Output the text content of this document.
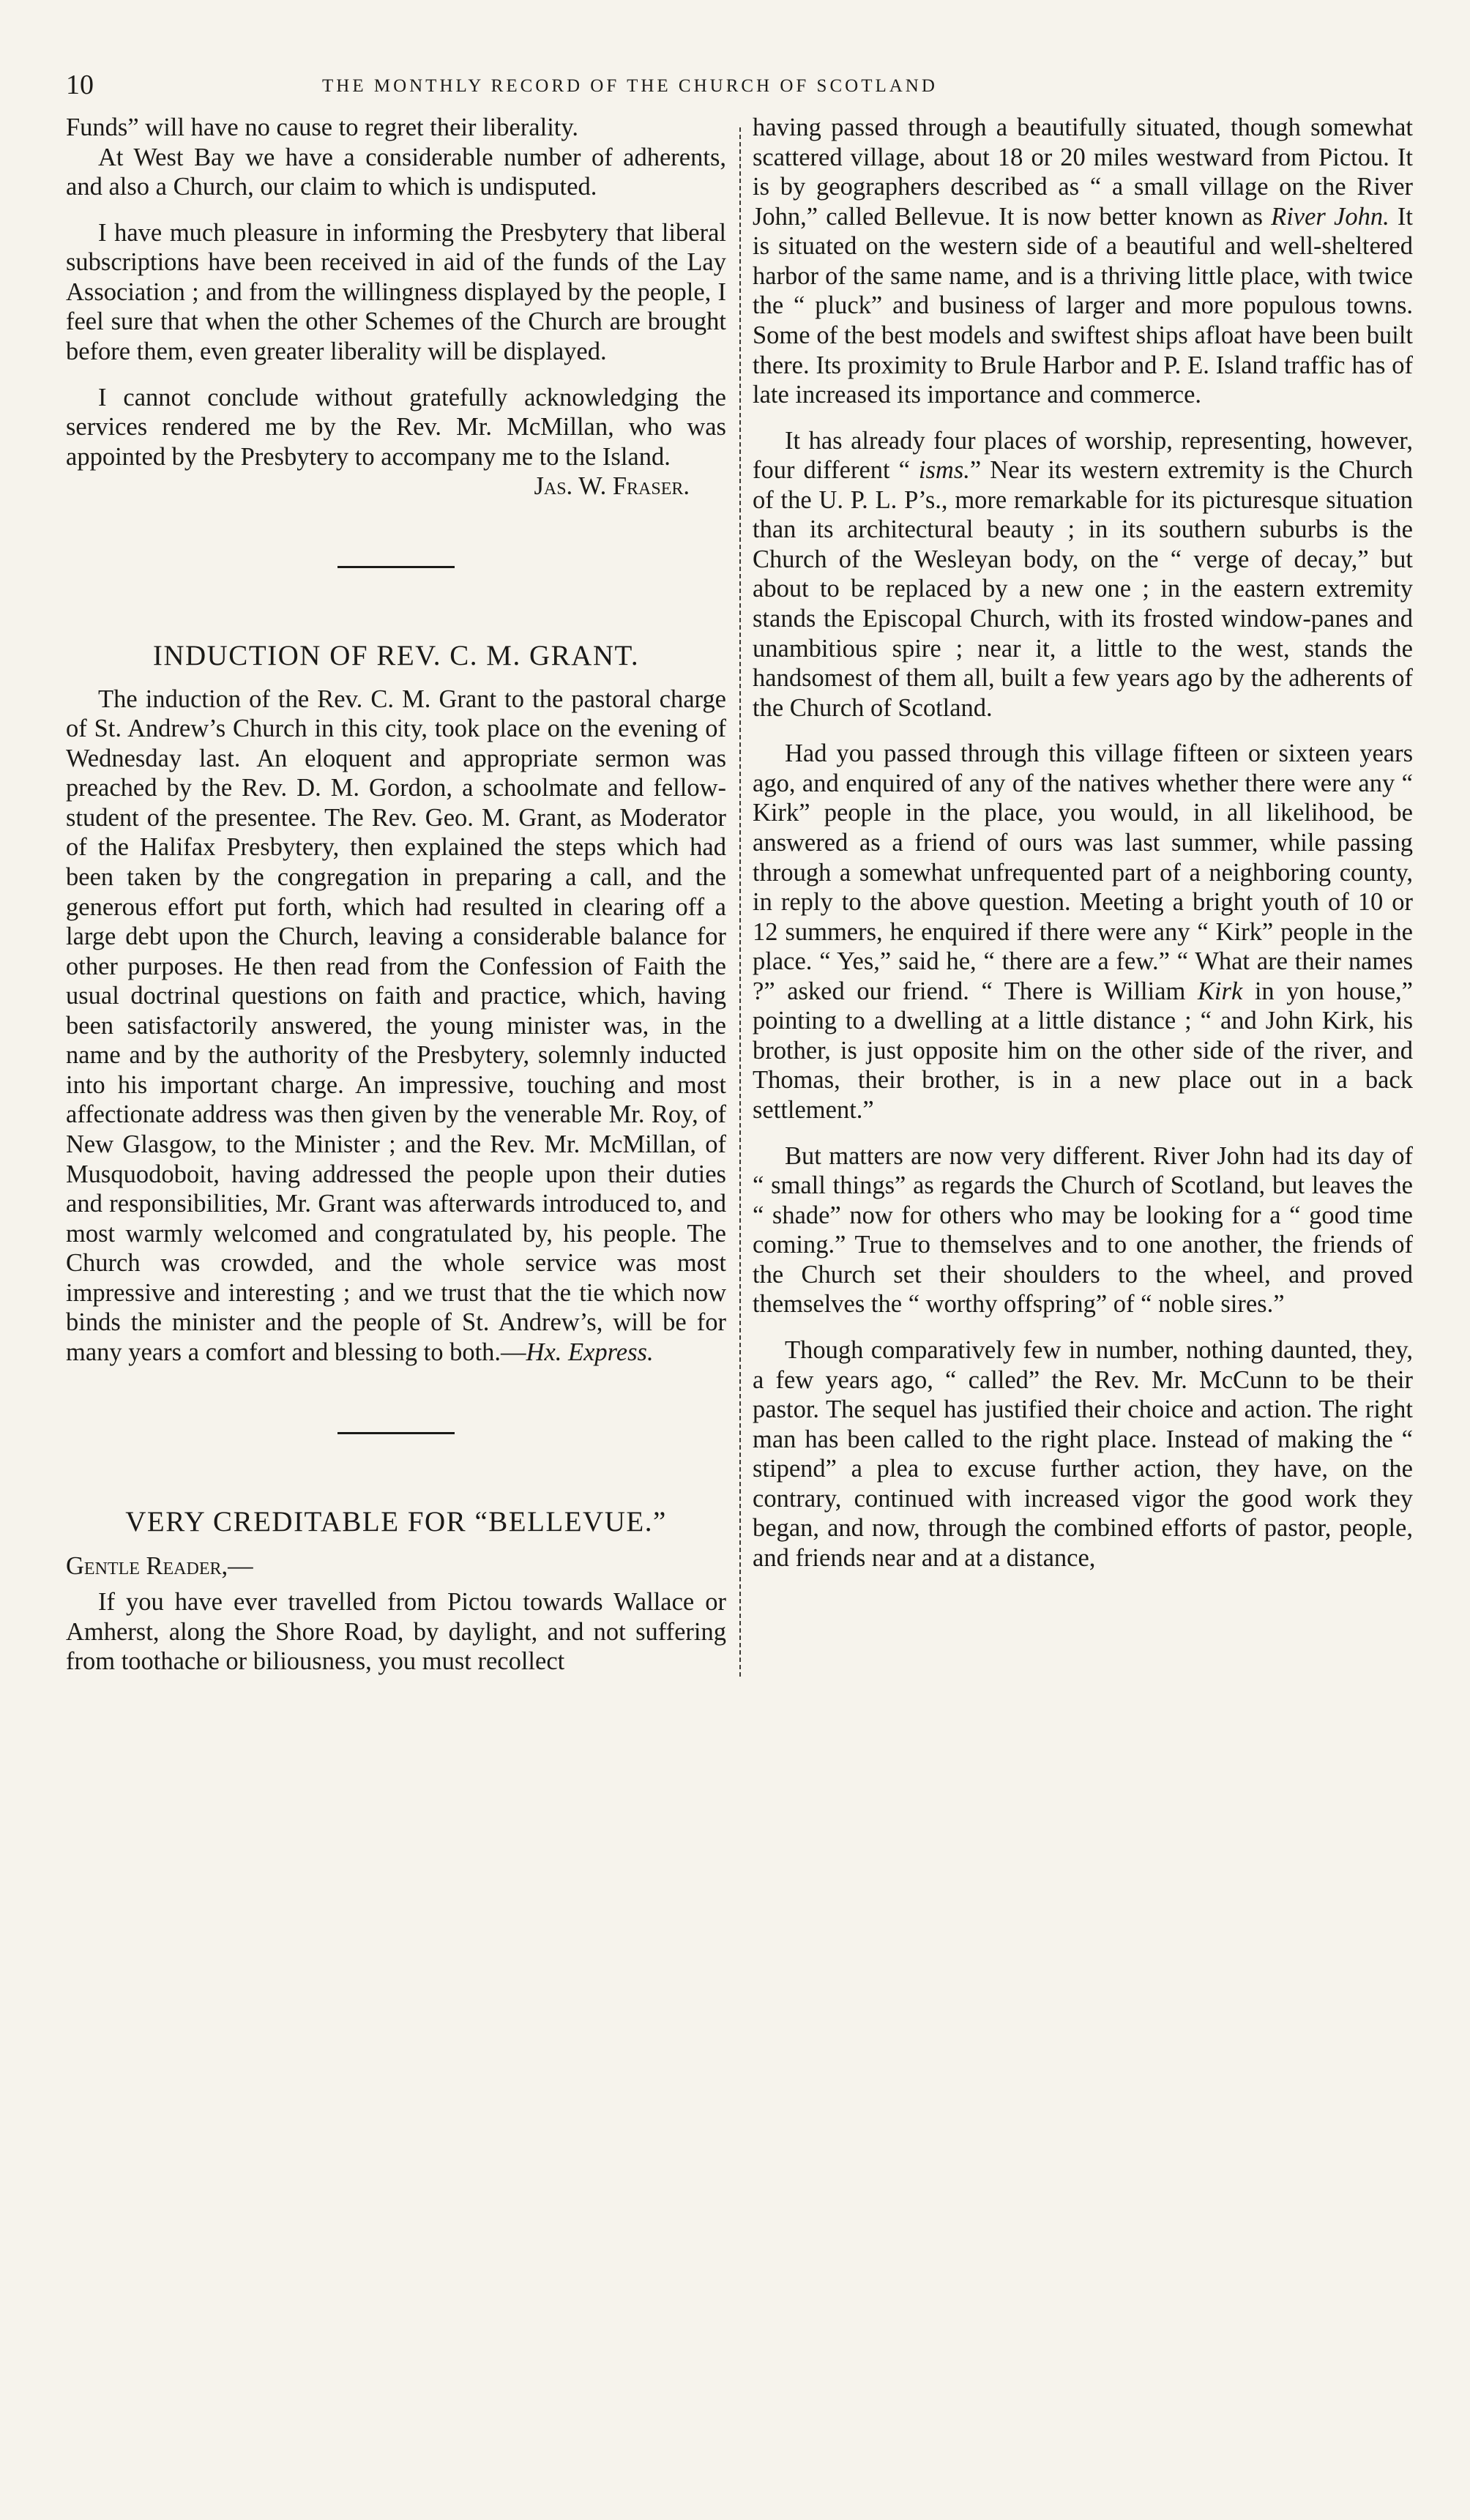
10	THE MONTHLY RECORD OF THE CHURCH OF SCOTLAND

Funds” will have no cause to regret their liberality.

At West Bay we have a considerable number of adherents, and also a Church, our claim to which is undisputed.

I have much pleasure in informing the Presbytery that liberal subscriptions have been received in aid of the funds of the Lay Association ; and from the willingness displayed by the people, I feel sure that when the other Schemes of the Church are brought before them, even greater liberality will be displayed.

I cannot conclude without gratefully acknowledging the services rendered me by the Rev. Mr. McMillan, who was appointed by the Presbytery to accompany me to the Island.

Jas. W. Fraser.

INDUCTION OF REV. C. M. GRANT.

The induction of the Rev. C. M. Grant to the pastoral charge of St. Andrew’s Church in this city, took place on the evening of Wednesday last. An eloquent and appropriate sermon was preached by the Rev. D. M. Gordon, a schoolmate and fellow-student of the presentee. The Rev. Geo. M. Grant, as Moderator of the Halifax Presbytery, then explained the steps which had been taken by the congregation in preparing a call, and the generous effort put forth, which had resulted in clearing off a large debt upon the Church, leaving a considerable balance for other purposes. He then read from the Confession of Faith the usual doctrinal questions on faith and practice, which, having been satisfactorily answered, the young minister was, in the name and by the authority of the Presbytery, solemnly inducted into his important charge. An impressive, touching and most affectionate address was then given by the venerable Mr. Roy, of New Glasgow, to the Minister ; and the Rev. Mr. McMillan, of Musquodoboit, having addressed the people upon their duties and responsibilities, Mr. Grant was afterwards introduced to, and most warmly welcomed and congratulated by, his people. The Church was crowded, and the whole service was most impressive and interesting ; and we trust that the tie which now binds the minister and the people of St. Andrew’s, will be for many years a comfort and blessing to both.—Hx. Express.

VERY CREDITABLE FOR “BELLEVUE.”

Gentle Reader,—

If you have ever travelled from Pictou towards Wallace or Amherst, along the Shore Road, by daylight, and not suffering from toothache or biliousness, you must recollect

having passed through a beautifully situated, though somewhat scattered village, about 18 or 20 miles westward from Pictou. It is by geographers described as “ a small village on the River John,” called Bellevue. It is now better known as River John. It is situated on the western side of a beautiful and well-sheltered harbor of the same name, and is a thriving little place, with twice the “ pluck” and business of larger and more populous towns. Some of the best models and swiftest ships afloat have been built there. Its proximity to Brule Harbor and P. E. Island traffic has of late increased its importance and commerce.

It has already four places of worship, representing, however, four different “ isms.” Near its western extremity is the Church of the U. P. L. P’s., more remarkable for its picturesque situation than its architectural beauty ; in its southern suburbs is the Church of the Wesleyan body, on the “ verge of decay,” but about to be replaced by a new one ; in the eastern extremity stands the Episcopal Church, with its frosted window-panes and unambitious spire ; near it, a little to the west, stands the handsomest of them all, built a few years ago by the adherents of the Church of Scotland.

Had you passed through this village fifteen or sixteen years ago, and enquired of any of the natives whether there were any “ Kirk” people in the place, you would, in all likelihood, be answered as a friend of ours was last summer, while passing through a somewhat unfrequented part of a neighboring county, in reply to the above question. Meeting a bright youth of 10 or 12 summers, he enquired if there were any “ Kirk” people in the place. “ Yes,” said he, “ there are a few.” “ What are their names ?” asked our friend. “ There is William Kirk in yon house,” pointing to a dwelling at a little distance ; “ and John Kirk, his brother, is just opposite him on the other side of the river, and Thomas, their brother, is in a new place out in a back settlement.”

But matters are now very different. River John had its day of “ small things” as regards the Church of Scotland, but leaves the “ shade” now for others who may be looking for a “ good time coming.” True to themselves and to one another, the friends of the Church set their shoulders to the wheel, and proved themselves the “ worthy offspring” of “ noble sires.”

Though comparatively few in number, nothing daunted, they, a few years ago, “ called” the Rev. Mr. McCunn to be their pastor. The sequel has justified their choice and action. The right man has been called to the right place. Instead of making the “ stipend” a plea to excuse further action, they have, on the contrary, continued with increased vigor the good work they began, and now, through the combined efforts of pastor, people, and friends near and at a distance,
